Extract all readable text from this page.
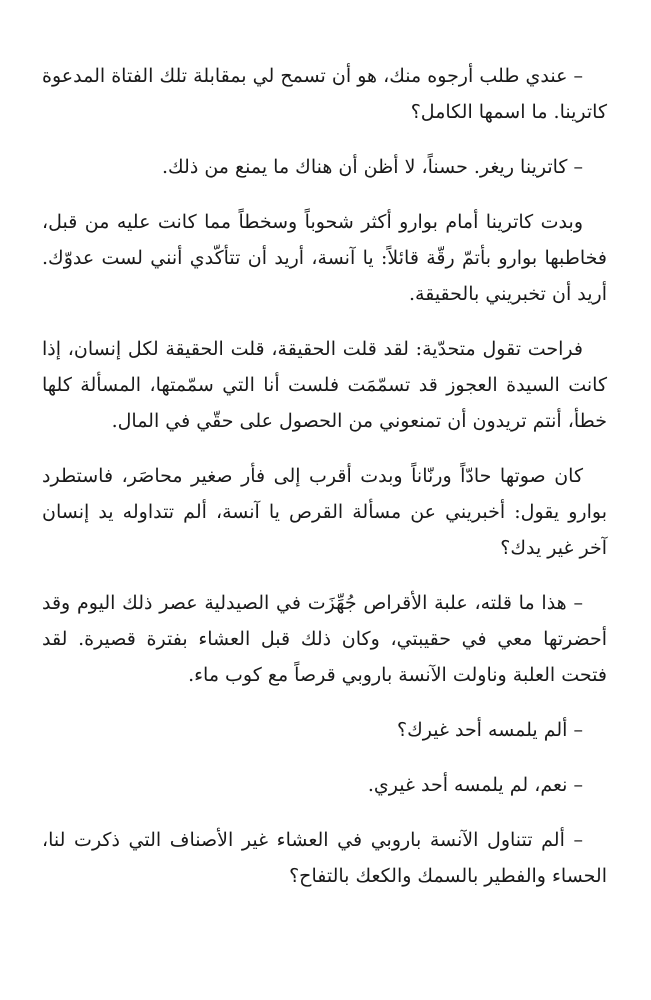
– عندي طلب أرجوه منك، هو أن تسمح لي بمقابلة تلك الفتاة المدعوة كاترينا. ما اسمها الكامل؟

– كاترينا ريغر. حسناً، لا أظن أن هناك ما يمنع من ذلك.

وبدت كاترينا أمام بوارو أكثر شحوباً وسخطاً مما كانت عليه من قبل، فخاطبها بوارو بأتمّ رقّة قائلاً: يا آنسة، أريد أن تتأكّدي أنني لست عدوّك. أريد أن تخبريني بالحقيقة.

فراحت تقول متحدّية: لقد قلت الحقيقة، قلت الحقيقة لكل إنسان، إذا كانت السيدة العجوز قد تسمّمَت فلست أنا التي سمّمتها، المسألة كلها خطأ، أنتم تريدون أن تمنعوني من الحصول على حقّي في المال.

كان صوتها حادّاً ورنّاناً وبدت أقرب إلى فأر صغير محاصَر، فاستطرد بوارو يقول: أخبريني عن مسألة القرص يا آنسة، ألم تتداوله يد إنسان آخر غير يدك؟

– هذا ما قلته، علبة الأقراص جُهِّزَت في الصيدلية عصر ذلك اليوم وقد أحضرتها معي في حقيبتي، وكان ذلك قبل العشاء بفترة قصيرة. لقد فتحت العلبة وناولت الآنسة باروبي قرصاً مع كوب ماء.

– ألم يلمسه أحد غيرك؟

– نعم، لم يلمسه أحد غيري.

– ألم تتناول الآنسة باروبي في العشاء غير الأصناف التي ذكرت لنا، الحساء والفطير بالسمك والكعك بالتفاح؟
